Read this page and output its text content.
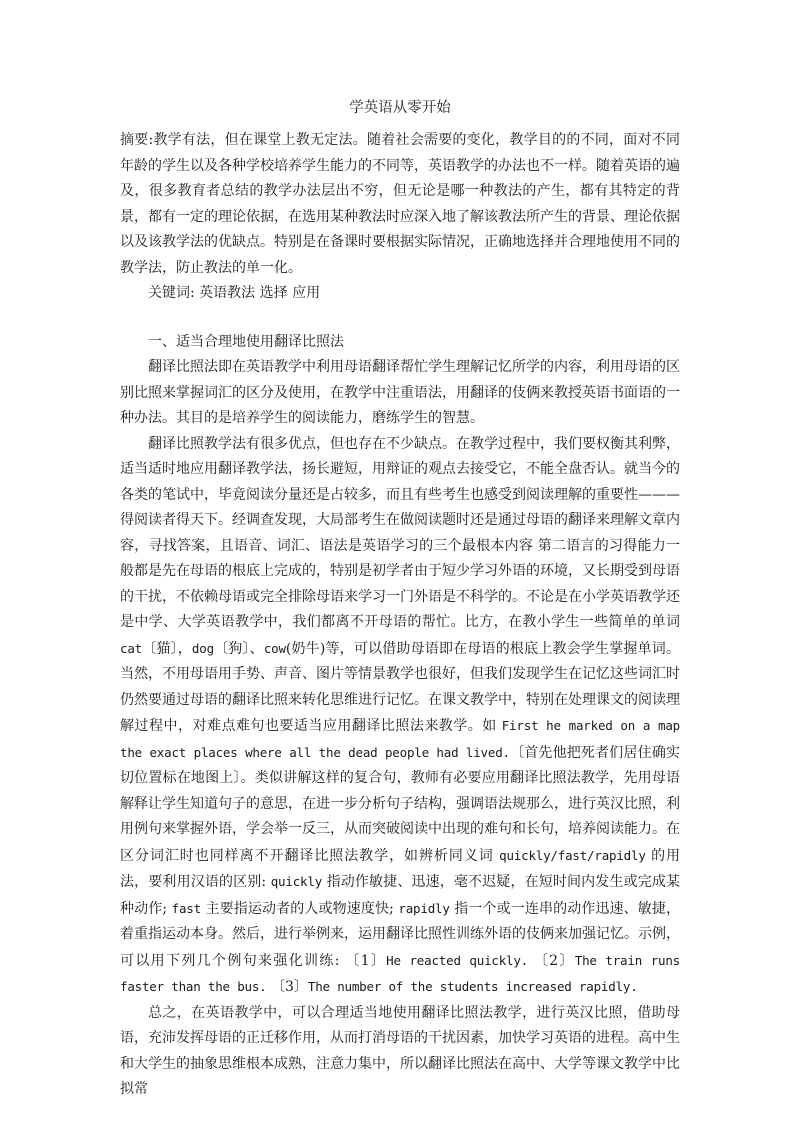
学英语从零开始

摘要:教学有法，但在课堂上教无定法。随着社会需要的变化，教学目的的不同，面对不同年龄的学生以及各种学校培养学生能力的不同等，英语教学的办法也不一样。随着英语的遍及，很多教育者总结的教学办法层出不穷，但无论是哪一种教法的产生，都有其特定的背景，都有一定的理论依据，在选用某种教法时应深入地了解该教法所产生的背景、理论依据以及该教学法的优缺点。特别是在备课时要根据实际情况，正确地选择并合理地使用不同的教学法，防止教法的单一化。

关键词: 英语教法 选择 应用

一、适当合理地使用翻译比照法

翻译比照法即在英语教学中利用母语翻译帮忙学生理解记忆所学的内容，利用母语的区别比照来掌握词汇的区分及使用，在教学中注重语法，用翻译的伎俩来教授英语书面语的一种办法。其目的是培养学生的阅读能力，磨练学生的智慧。

翻译比照教学法有很多优点，但也存在不少缺点。在教学过程中，我们要权衡其利弊，适当适时地应用翻译教学法，扬长避短，用辩证的观点去接受它，不能全盘否认。就当今的各类的笔试中，毕竟阅读分量还是占较多，而且有些考生也感受到阅读理解的重要性———得阅读者得天下。经调查发现，大局部考生在做阅读题时还是通过母语的翻译来理解文章内容，寻找答案，且语音、词汇、语法是英语学习的三个最根本内容 第二语言的习得能力一般都是先在母语的根底上完成的，特别是初学者由于短少学习外语的环境，又长期受到母语的干扰，不依赖母语或完全排除母语来学习一门外语是不科学的。不论是在小学英语教学还是中学、大学英语教学中，我们都离不开母语的帮忙。比方，在教小学生一些简单的单词cat〔猫〕，dog〔狗〕、cow(奶牛)等，可以借助母语即在母语的根底上教会学生掌握单词。当然，不用母语用手势、声音、图片等情景教学也很好，但我们发现学生在记忆这些词汇时仍然要通过母语的翻译比照来转化思维进行记忆。在课文教学中，特别在处理课文的阅读理解过程中，对难点难句也要适当应用翻译比照法来教学。如 First he marked on a map the exact places where all the dead people had lived.〔首先他把死者们居住确实切位置标在地图上〕。类似讲解这样的复合句，教师有必要应用翻译比照法教学，先用母语解释让学生知道句子的意思，在进一步分析句子结构，强调语法规那么，进行英汉比照，利用例句来掌握外语，学会举一反三，从而突破阅读中出现的难句和长句，培养阅读能力。在区分词汇时也同样离不开翻译比照法教学，如辨析同义词 quickly/fast/rapidly 的用法，要利用汉语的区别: quickly 指动作敏捷、迅速，毫不迟疑，在短时间内发生或完成某种动作; fast 主要指运动者的人或物速度快; rapidly 指一个或一连串的动作迅速、敏捷，着重指运动本身。然后，进行举例来，运用翻译比照性训练外语的伎俩来加强记忆。示例，可以用下列几个例句来强化训练: 〔1〕He reacted quickly. 〔2〕The train runs faster than the bus. 〔3〕The number of the students increased rapidly.

总之，在英语教学中，可以合理适当地使用翻译比照法教学，进行英汉比照，借助母语，充沛发挥母语的正迁移作用，从而打消母语的干扰因素，加快学习英语的进程。高中生和大学生的抽象思维根本成熟，注意力集中，所以翻译比照法在高中、大学等课文教学中比拟常
